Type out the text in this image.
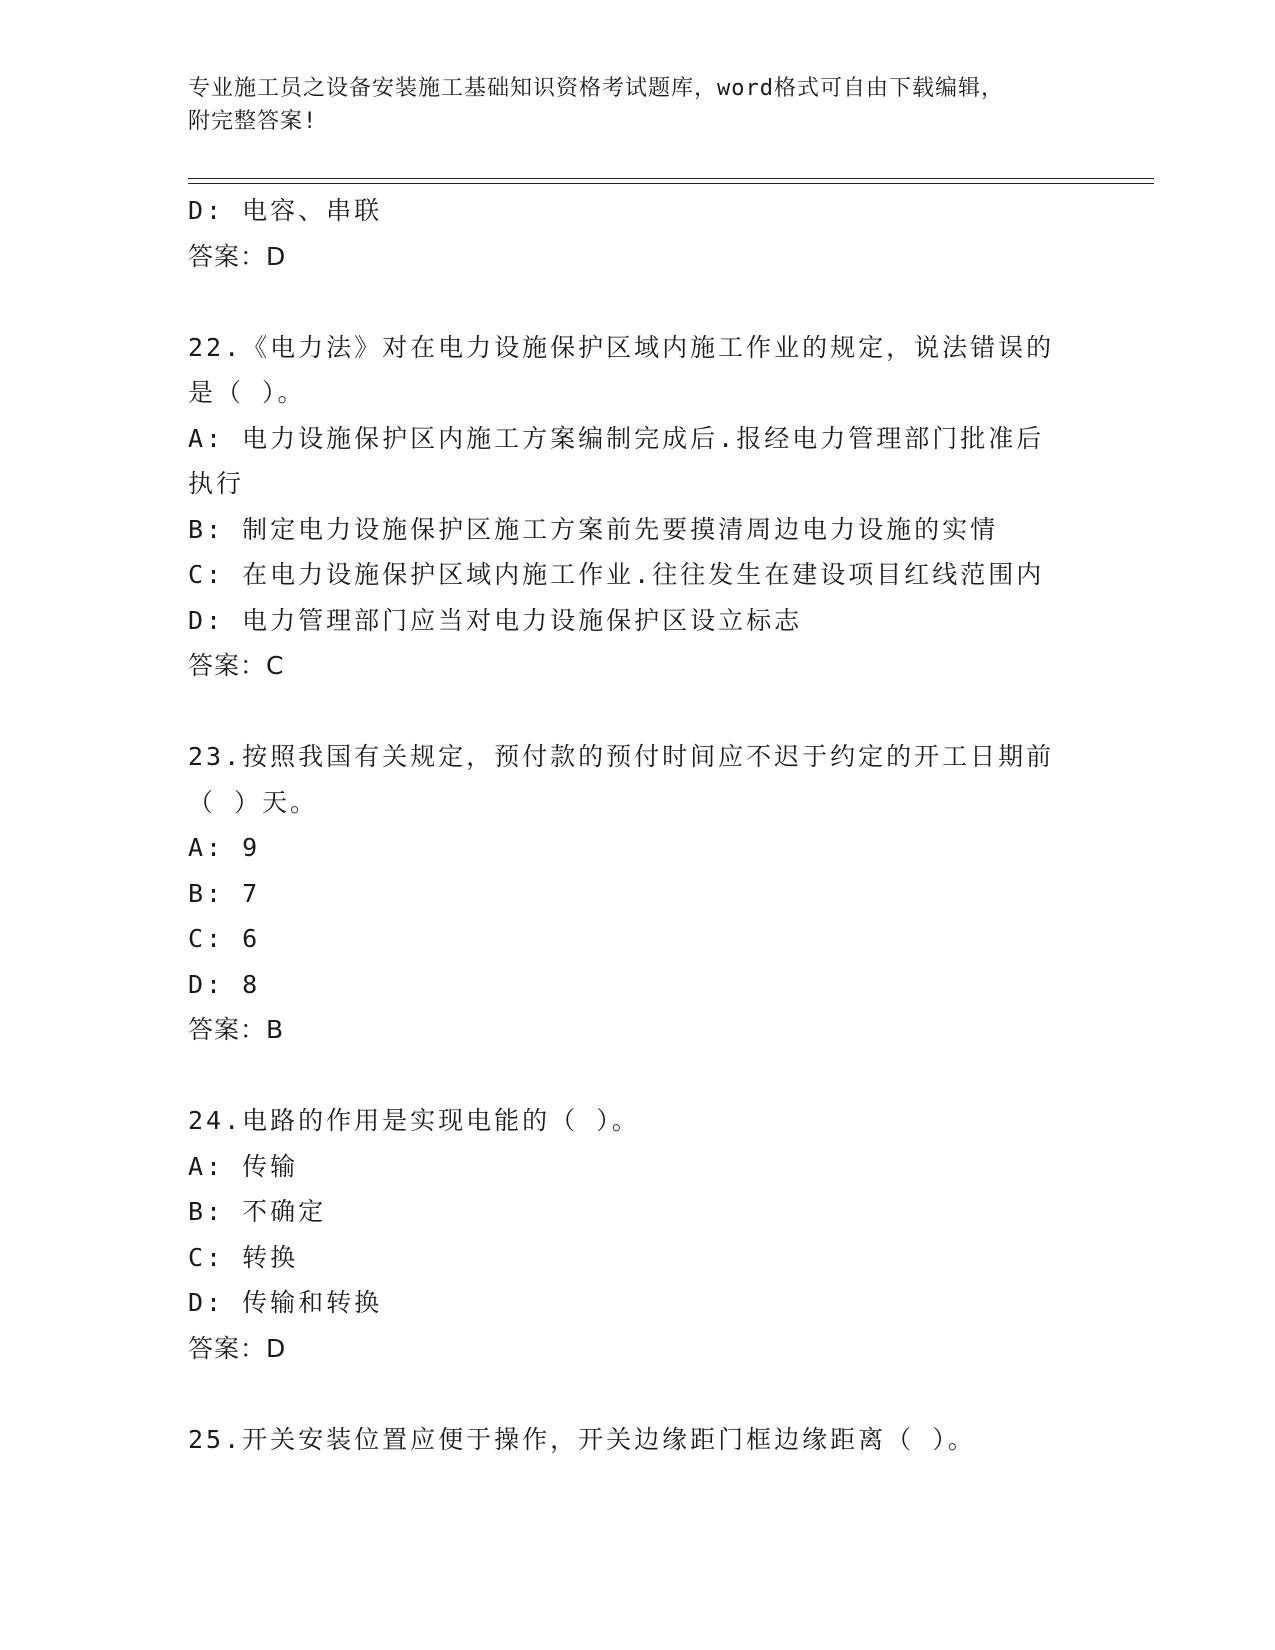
专业施工员之设备安装施工基础知识资格考试题库，word格式可自由下载编辑，
附完整答案!
D: 电容、串联
答案：D
22.《电力法》对在电力设施保护区域内施工作业的规定，说法错误的
是（ ）。
A: 电力设施保护区内施工方案编制完成后.报经电力管理部门批准后
执行
B: 制定电力设施保护区施工方案前先要摸清周边电力设施的实情
C: 在电力设施保护区域内施工作业.往往发生在建设项目红线范围内
D: 电力管理部门应当对电力设施保护区设立标志
答案：C
23.按照我国有关规定，预付款的预付时间应不迟于约定的开工日期前
（ ）天。
A: 9
B: 7
C: 6
D: 8
答案：B
24.电路的作用是实现电能的（ ）。
A: 传输
B: 不确定
C: 转换
D: 传输和转换
答案：D
25.开关安装位置应便于操作，开关边缘距门框边缘距离（ ）。
